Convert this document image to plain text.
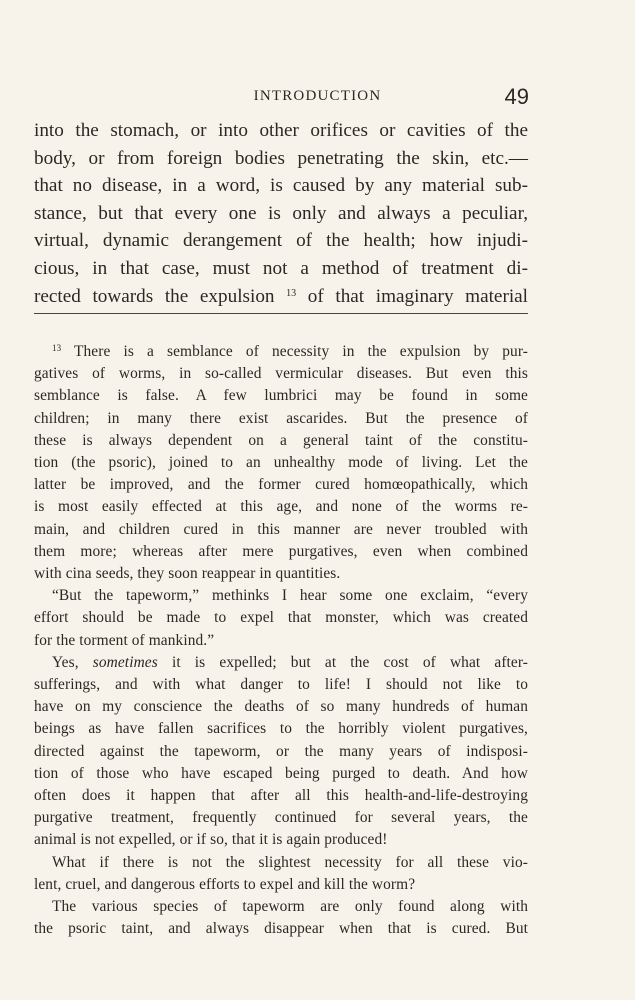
INTRODUCTION	49
into the stomach, or into other orifices or cavities of the
body, or from foreign bodies penetrating the skin, etc.—
that no disease, in a word, is caused by any material sub-
stance, but that every one is only and always a peculiar,
virtual, dynamic derangement of the health; how injudi-
cious, in that case, must not a method of treatment di-
rected towards the expulsion $^{13}$ of that imaginary material
$^{13}$ There is a semblance of necessity in the expulsion by pur-
gatives of worms, in so-called vermicular diseases. But even this
semblance is false. A few lumbrici may be found in some
children; in many there exist ascarides. But the presence of
these is always dependent on a general taint of the constitu-
tion (the psoric), joined to an unhealthy mode of living. Let the
latter be improved, and the former cured homœopathically, which
is most easily effected at this age, and none of the worms re-
main, and children cured in this manner are never troubled with
them more; whereas after mere purgatives, even when combined
with cina seeds, they soon reappear in quantities.
“But the tapeworm,” methinks I hear some one exclaim, “every
effort should be made to expel that monster, which was created
for the torment of mankind.”
Yes, sometimes it is expelled; but at the cost of what after-
sufferings, and with what danger to life! I should not like to
have on my conscience the deaths of so many hundreds of human
beings as have fallen sacrifices to the horribly violent purgatives,
directed against the tapeworm, or the many years of indisposi-
tion of those who have escaped being purged to death. And how
often does it happen that after all this health-and-life-destroying
purgative treatment, frequently continued for several years, the
animal is not expelled, or if so, that it is again produced!
What if there is not the slightest necessity for all these vio-
lent, cruel, and dangerous efforts to expel and kill the worm?
The various species of tapeworm are only found along with
the psoric taint, and always disappear when that is cured. But
